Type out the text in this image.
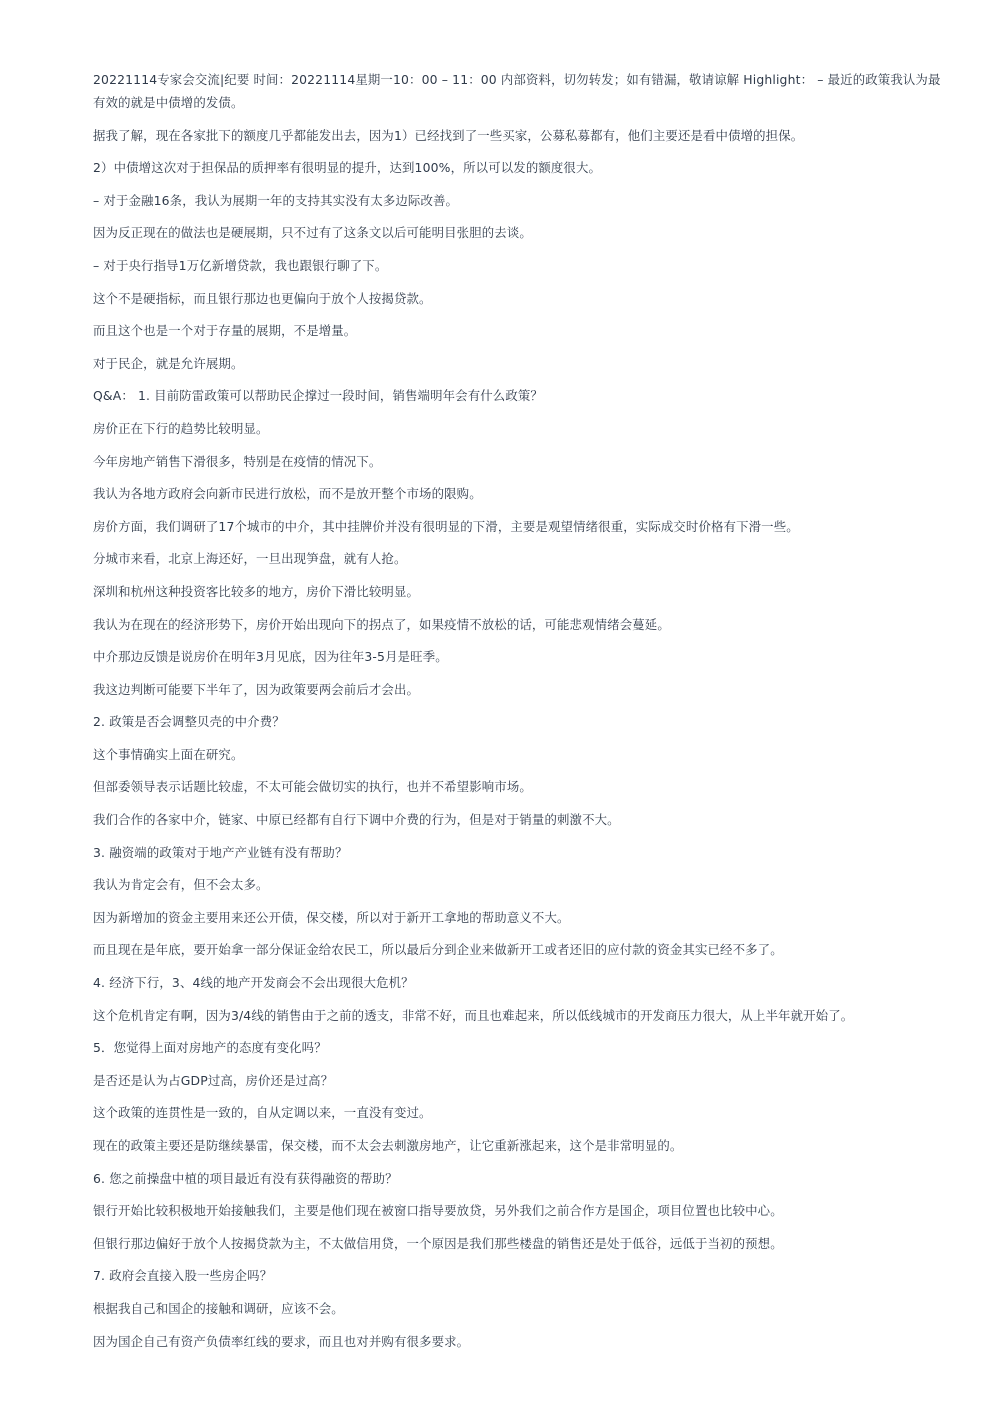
20221114专家会交流|纪要 时间：20221114星期一10：00 – 11：00 内部资料，切勿转发；如有错漏，敬请谅解 Highlight： – 最近的政策我认为最有效的就是中债增的发债。

据我了解，现在各家批下的额度几乎都能发出去，因为1）已经找到了一些买家，公募私募都有，他们主要还是看中债增的担保。

2）中债增这次对于担保品的质押率有很明显的提升，达到100%，所以可以发的额度很大。

– 对于金融16条，我认为展期一年的支持其实没有太多边际改善。

因为反正现在的做法也是硬展期，只不过有了这条文以后可能明目张胆的去谈。

– 对于央行指导1万亿新增贷款，我也跟银行聊了下。

这个不是硬指标，而且银行那边也更偏向于放个人按揭贷款。

而且这个也是一个对于存量的展期，不是增量。

对于民企，就是允许展期。

Q&A： 1. 目前防雷政策可以帮助民企撑过一段时间，销售端明年会有什么政策？

房价正在下行的趋势比较明显。

今年房地产销售下滑很多，特别是在疫情的情况下。

我认为各地方政府会向新市民进行放松，而不是放开整个市场的限购。

房价方面，我们调研了17个城市的中介，其中挂牌价并没有很明显的下滑，主要是观望情绪很重，实际成交时价格有下滑一些。

分城市来看，北京上海还好，一旦出现笋盘，就有人抢。

深圳和杭州这种投资客比较多的地方，房价下滑比较明显。

我认为在现在的经济形势下，房价开始出现向下的拐点了，如果疫情不放松的话，可能悲观情绪会蔓延。

中介那边反馈是说房价在明年3月见底，因为往年3-5月是旺季。

我这边判断可能要下半年了，因为政策要两会前后才会出。

2. 政策是否会调整贝壳的中介费？

这个事情确实上面在研究。

但部委领导表示话题比较虚，不太可能会做切实的执行，也并不希望影响市场。

我们合作的各家中介，链家、中原已经都有自行下调中介费的行为，但是对于销量的刺激不大。

3. 融资端的政策对于地产产业链有没有帮助？

我认为肯定会有，但不会太多。

因为新增加的资金主要用来还公开债，保交楼，所以对于新开工拿地的帮助意义不大。

而且现在是年底，要开始拿一部分保证金给农民工，所以最后分到企业来做新开工或者还旧的应付款的资金其实已经不多了。

4. 经济下行，3、4线的地产开发商会不会出现很大危机？

这个危机肯定有啊，因为3/4线的销售由于之前的透支，非常不好，而且也难起来，所以低线城市的开发商压力很大，从上半年就开始了。

5．您觉得上面对房地产的态度有变化吗？

是否还是认为占GDP过高，房价还是过高？

这个政策的连贯性是一致的，自从定调以来，一直没有变过。

现在的政策主要还是防继续暴雷，保交楼，而不太会去刺激房地产，让它重新涨起来，这个是非常明显的。

6. 您之前操盘中植的项目最近有没有获得融资的帮助？

银行开始比较积极地开始接触我们，主要是他们现在被窗口指导要放贷，另外我们之前合作方是国企，项目位置也比较中心。

但银行那边偏好于放个人按揭贷款为主，不太做信用贷，一个原因是我们那些楼盘的销售还是处于低谷，远低于当初的预想。

7. 政府会直接入股一些房企吗？

根据我自己和国企的接触和调研，应该不会。

因为国企自己有资产负债率红线的要求，而且也对并购有很多要求。
